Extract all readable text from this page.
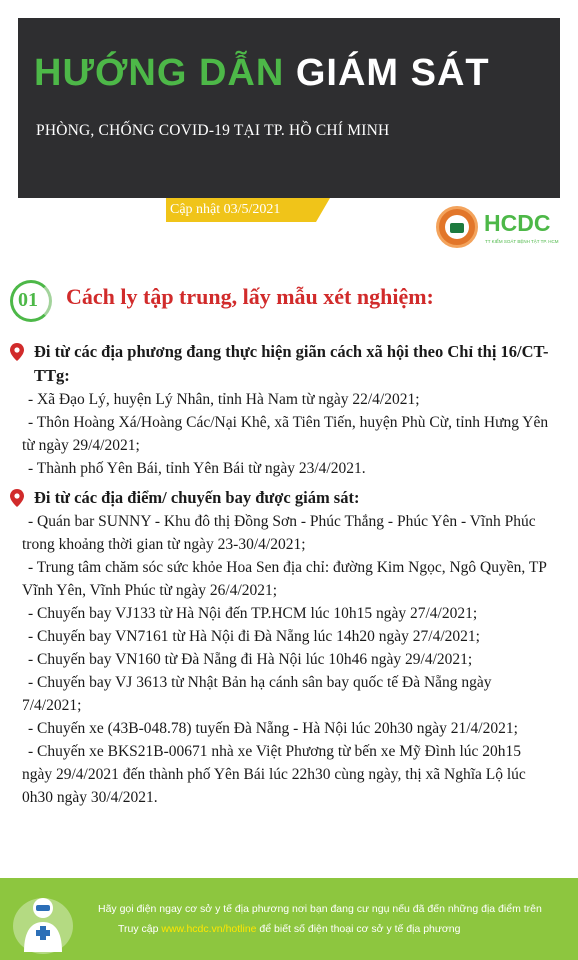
HƯỚNG DẪN GIÁM SÁT
PHÒNG, CHỐNG COVID-19 TẠI TP. HỒ CHÍ MINH
Cập nhật 03/5/2021
HCDC
TT KIỂM SOÁT BỆNH TẬT TP. HCM
01 Cách ly tập trung, lấy mẫu xét nghiệm:
Đi từ các địa phương đang thực hiện giãn cách xã hội theo Chỉ thị 16/CT-TTg:
- Xã Đạo Lý, huyện Lý Nhân, tỉnh Hà Nam từ ngày 22/4/2021;
- Thôn Hoàng Xá/Hoàng Các/Nại Khê, xã Tiên Tiến, huyện Phù Cừ, tỉnh Hưng Yên
từ ngày 29/4/2021;
- Thành phố Yên Bái, tỉnh Yên Bái từ ngày 23/4/2021.
Đi từ các địa điểm/ chuyến bay được giám sát:
- Quán bar SUNNY - Khu đô thị Đồng Sơn - Phúc Thắng - Phúc Yên - Vĩnh Phúc
trong khoảng thời gian từ ngày 23-30/4/2021;
- Trung tâm chăm sóc sức khỏe Hoa Sen địa chỉ: đường Kim Ngọc, Ngô Quyền, TP
Vĩnh Yên, Vĩnh Phúc từ ngày 26/4/2021;
- Chuyến bay VJ133 từ Hà Nội đến TP.HCM lúc 10h15 ngày 27/4/2021;
- Chuyến bay VN7161 từ Hà Nội đi Đà Nẵng lúc 14h20 ngày 27/4/2021;
- Chuyến bay VN160 từ Đà Nẵng đi Hà Nội lúc 10h46 ngày 29/4/2021;
- Chuyến bay VJ 3613 từ Nhật Bản hạ cánh sân bay quốc tế Đà Nẵng ngày
7/4/2021;
- Chuyến xe (43B-048.78) tuyến Đà Nẵng - Hà Nội lúc 20h30 ngày 21/4/2021;
- Chuyến xe BKS21B-00671 nhà xe Việt Phương từ bến xe Mỹ Đình lúc 20h15
ngày 29/4/2021 đến thành phố Yên Bái lúc 22h30 cùng ngày, thị xã Nghĩa Lộ lúc
0h30 ngày 30/4/2021.
Hãy gọi điện ngay cơ sở y tế địa phương nơi bạn đang cư ngụ nếu đã đến những địa điểm trên
Truy cập www.hcdc.vn/hotline để biết số điện thoại cơ sở y tế địa phương
